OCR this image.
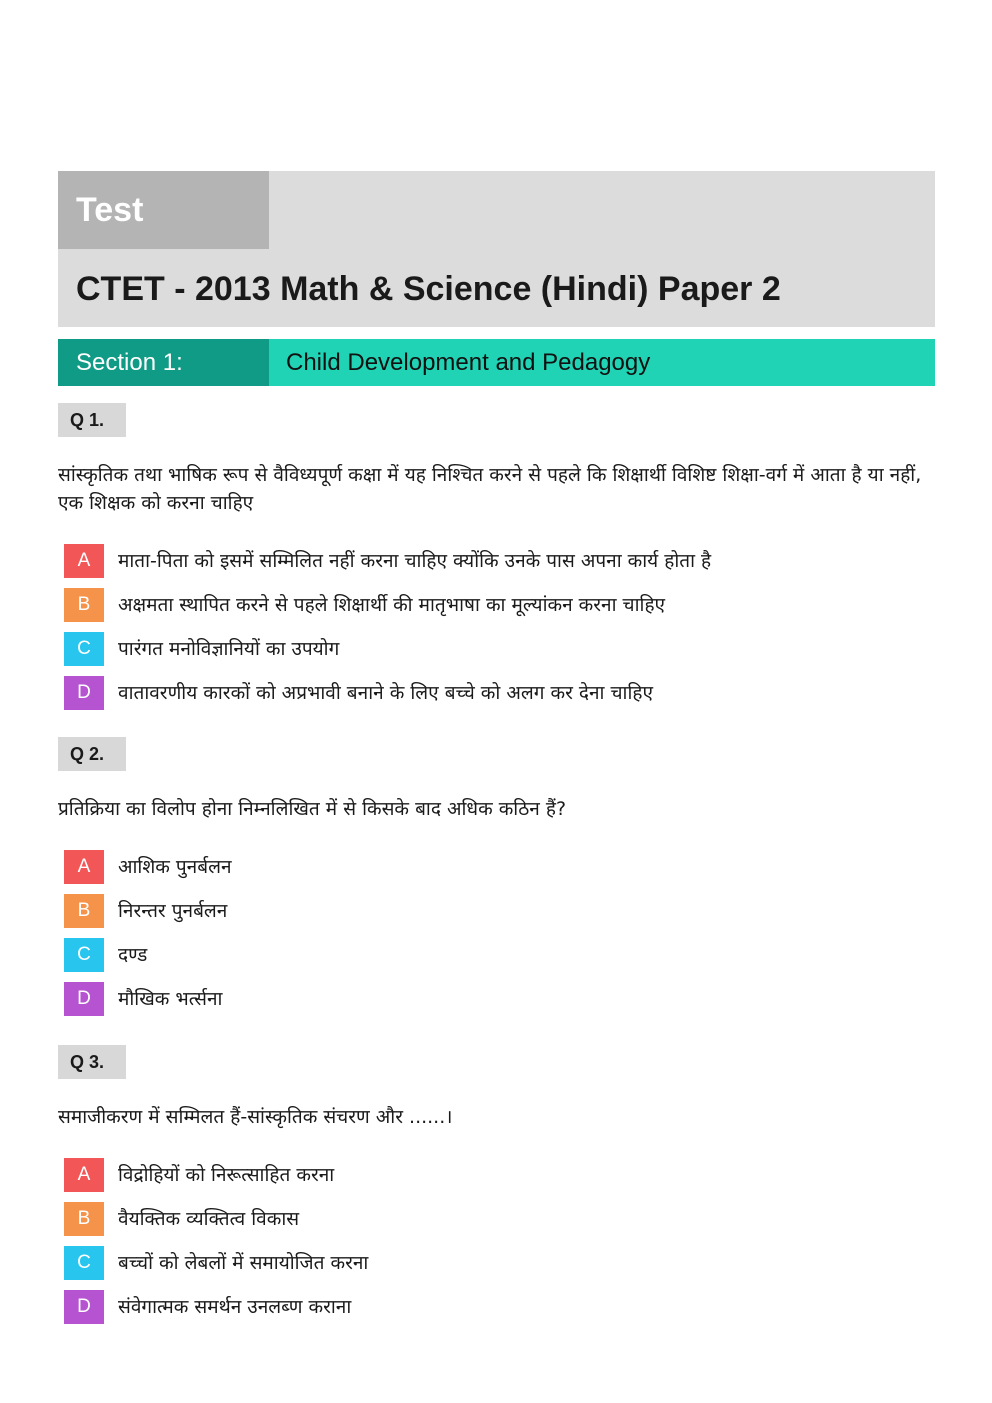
Test
CTET - 2013 Math & Science (Hindi) Paper 2
Section 1:	Child Development and Pedagogy
Q 1.
सांस्कृतिक तथा भाषिक रूप से वैविध्यपूर्ण कक्षा में यह निश्चित करने से पहले कि शिक्षार्थी विशिष्ट शिक्षा-वर्ग में आता है या नहीं, एक शिक्षक को करना चाहिए
A	माता-पिता को इसमें सम्मिलित नहीं करना चाहिए क्योंकि उनके पास अपना कार्य होता है
B	अक्षमता स्थापित करने से पहले शिक्षार्थी की मातृभाषा का मूल्यांकन करना चाहिए
C	पारंगत मनोविज्ञानियों का उपयोग
D	वातावरणीय कारकों को अप्रभावी बनाने के लिए बच्चे को अलग कर देना चाहिए
Q 2.
प्रतिक्रिया का विलोप होना निम्नलिखित में से किसके बाद अधिक कठिन हैं?
A	आशिक पुनर्बलन
B	निरन्तर पुनर्बलन
C	दण्ड
D	मौखिक भर्त्सना
Q 3.
समाजीकरण में सम्मिलत हैं-सांस्कृतिक संचरण और ......।
A	विद्रोहियों को निरूत्साहित करना
B	वैयक्तिक व्यक्तित्व विकास
C	बच्चों को लेबलों में समायोजित करना
D	संवेगात्मक समर्थन उनलब्ण कराना
